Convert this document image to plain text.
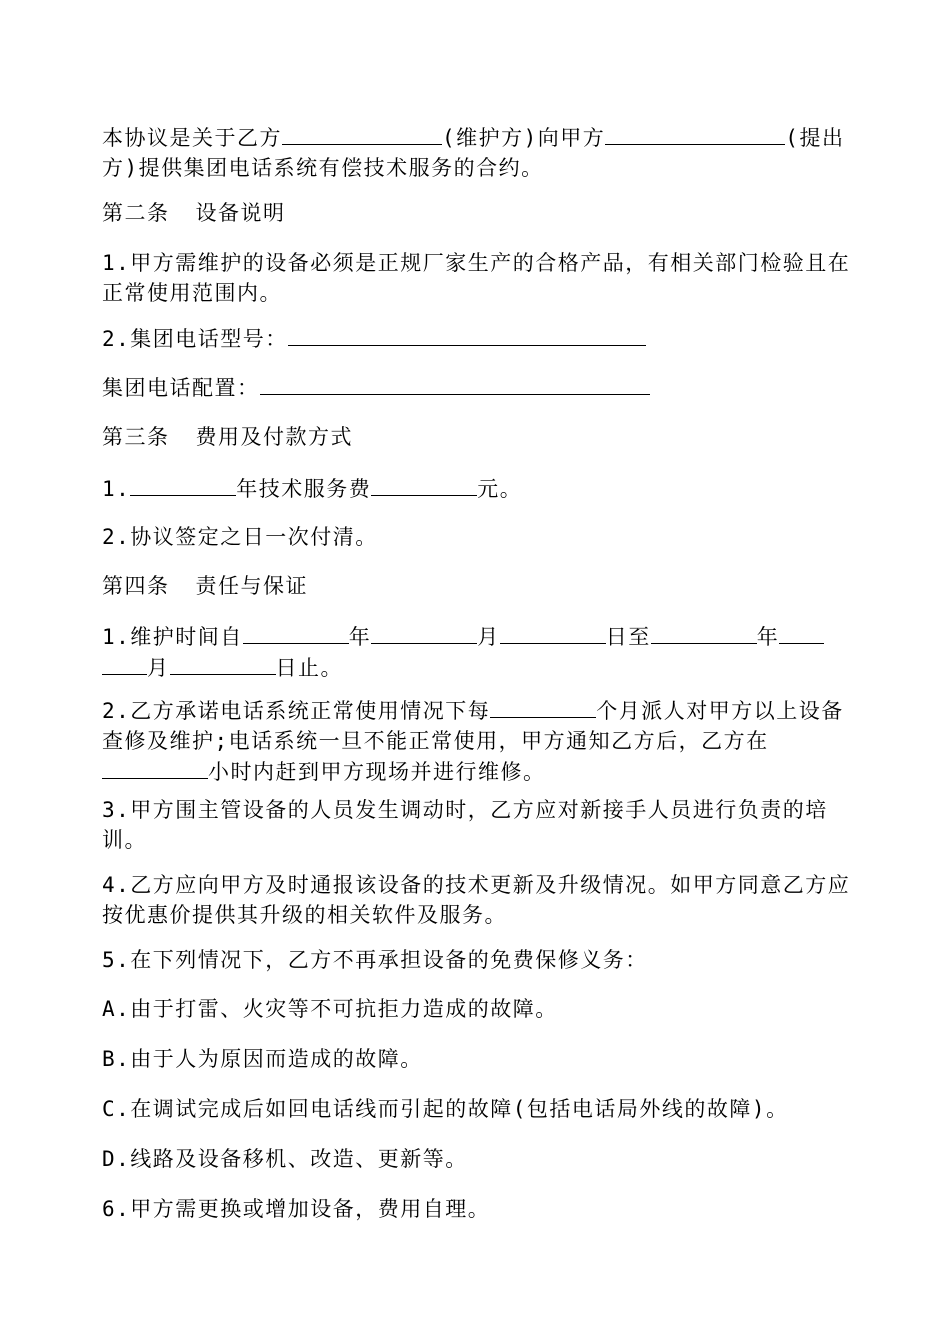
本协议是关于乙方	(维护方)向甲方	(提出方)提供集团电话系统有偿技术服务的合约。

第二条 设备说明

1.甲方需维护的设备必须是正规厂家生产的合格产品，有相关部门检验且在正常使用范围内。

2.集团电话型号：
集团电话配置：
第三条 费用及付款方式
1.	年技术服务费	元。
2.协议签定之日一次付清。
第四条 责任与保证

1.维护时间自	年	月	日至	年月	日止。

2.乙方承诺电话系统正常使用情况下每	个月派人对甲方以上设备查修及维护;电话系统一旦不能正常使用，甲方通知乙方后，乙方在小时内赶到甲方现场并进行维修。

3.甲方围主管设备的人员发生调动时，乙方应对新接手人员进行负责的培训。

4.乙方应向甲方及时通报该设备的技术更新及升级情况。如甲方同意乙方应按优惠价提供其升级的相关软件及服务。

5.在下列情况下，乙方不再承担设备的免费保修义务：
A.由于打雷、火灾等不可抗拒力造成的故障。
B.由于人为原因而造成的故障。
C.在调试完成后如回电话线而引起的故障(包括电话局外线的故障)。
D.线路及设备移机、改造、更新等。
6.甲方需更换或增加设备，费用自理。
